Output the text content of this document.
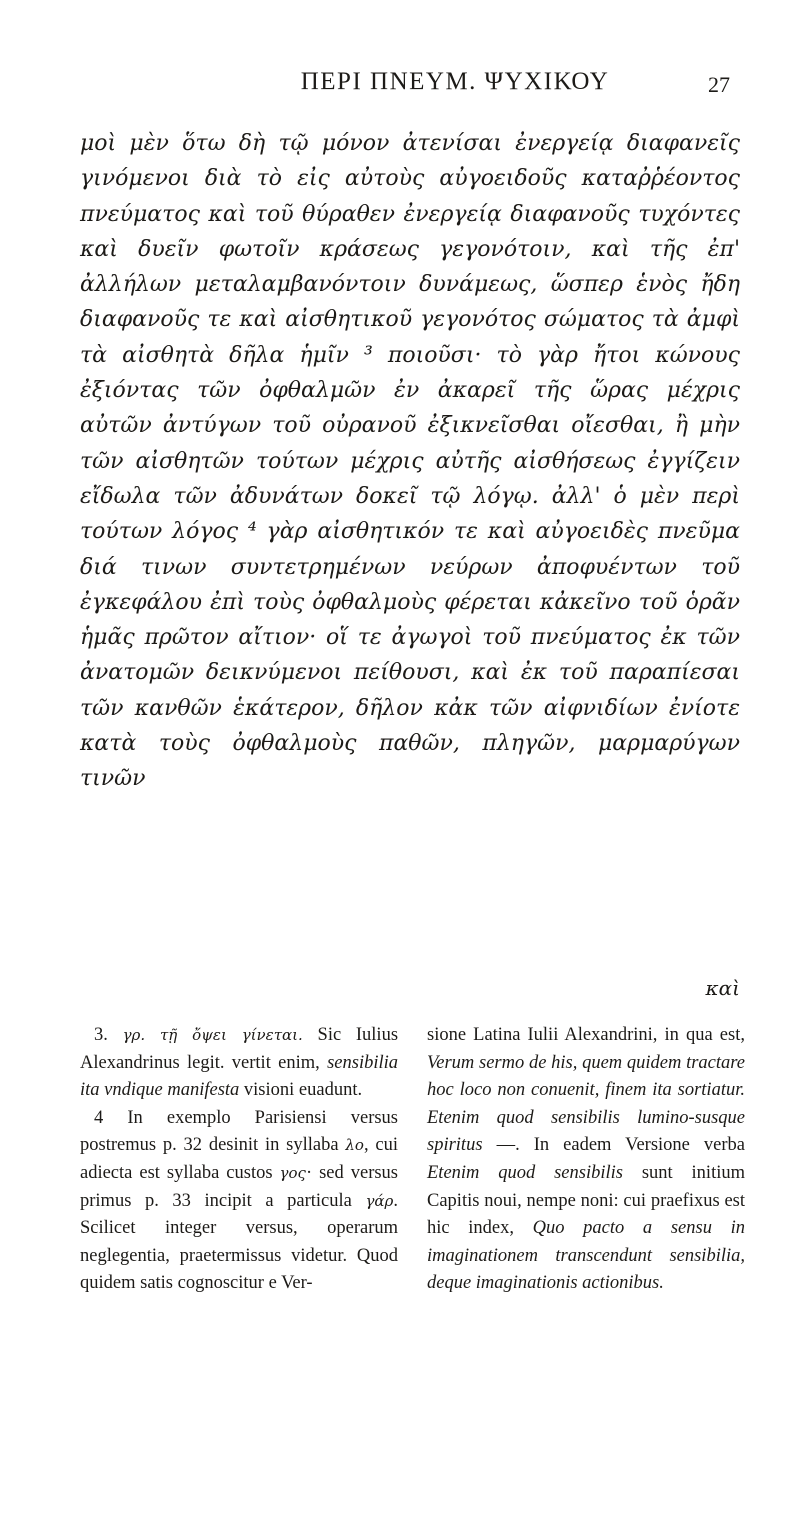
ΠΕΡΙ ΠΝΕΥΜ. ΨΥΧΙΚΟΥ	27

μοὶ μὲν ὅτω δὴ τῷ μόνον ἀτενίσαι ἐνεργείᾳ διαφανεῖς γινόμενοι διὰ τὸ εἰς αὐτοὺς αὐγοειδοῦς καταῤῥέοντος πνεύματος καὶ τοῦ θύραθεν ἐνεργείᾳ διαφανοῦς τυχόντες καὶ δυεῖν φωτοῖν κράσεως γεγονότοιν, καὶ τῆς ἐπ' ἀλλήλων μεταλαμβανόντοιν δυνάμεως, ὥσπερ ἑνὸς ἤδη διαφανοῦς τε καὶ αἰσθητικοῦ γεγονότος σώματος τὰ ἀμφὶ τὰ αἰσθητὰ δῆλα ἡμῖν ³ ποιοῦσι· τὸ γὰρ ἤτοι κώνους ἐξιόντας τῶν ὀφθαλμῶν ἐν ἀκαρεῖ τῆς ὥρας μέχρις αὐτῶν ἀντύγων τοῦ οὐρανοῦ ἐξικνεῖσθαι οἴεσθαι, ἢ μὴν τῶν αἰσθητῶν τούτων μέχρις αὐτῆς αἰσθήσεως ἐγγίζειν εἴδωλα τῶν ἀδυνάτων δοκεῖ τῷ λόγῳ. ἀλλ' ὁ μὲν περὶ τούτων λόγος ⁴ γὰρ αἰσθητικόν τε καὶ αὐγοειδὲς πνεῦμα διά τινων συντετρημένων νεύρων ἀποφυέντων τοῦ ἐγκεφάλου ἐπὶ τοὺς ὀφθαλμοὺς φέρεται κἀκεῖνο τοῦ ὁρᾶν ἡμᾶς πρῶτον αἴτιον· οἵ τε ἀγωγοὶ τοῦ πνεύματος ἐκ τῶν ἀνατομῶν δεικνύμενοι πείθουσι, καὶ ἐκ τοῦ παραπίεσαι τῶν κανθῶν ἑκάτερον, δῆλον κἀκ τῶν αἰφνιδίων ἐνίοτε κατὰ τοὺς ὀφθαλμοὺς παθῶν, πληγῶν, μαρμαρύγων τινῶν

καὶ

3. γρ. τῇ ὄψει γίνεται. Sic Iulius Alexandrinus legit. vertit enim, sensibilia ita vndique manifesta visioni euadunt.

4 In exemplo Parisiensi versus postremus p. 32 desinit in syllaba λο, cui adiecta est syllaba custos γος· sed versus primus p. 33 incipit a particula γάρ. Scilicet integer versus, operarum neglegentia, praetermissus videtur. Quod quidem satis cognoscitur e Ver-

sione Latina Iulii Alexandrini, in qua est, Verum sermo de his, quem quidem tractare hoc loco non conuenit, finem ita sortiatur. Etenim quod sensibilis lumino-susque spiritus —. In eadem Versione verba Etenim quod sensibilis sunt initium Capitis noui, nempe noni: cui praefixus est hic index, Quo pacto a sensu in imaginationem transcendunt sensibilia, deque imaginationis actionibus.
